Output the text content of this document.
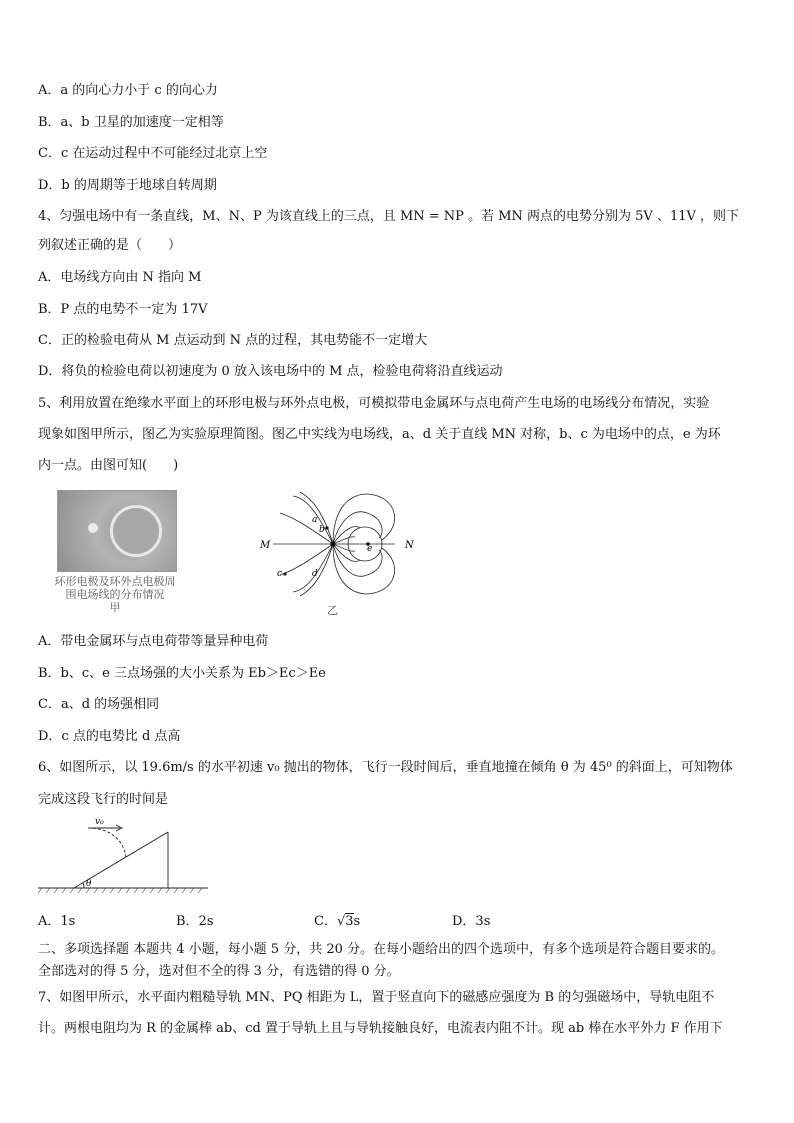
A．a 的向心力小于 c 的向心力
B．a、b 卫星的加速度一定相等
C．c 在运动过程中不可能经过北京上空
D．b 的周期等于地球自转周期
4、匀强电场中有一条直线，M、N、P 为该直线上的三点，且 MN = NP 。若 MN 两点的电势分别为 5V 、11V ，则下
列叙述正确的是（　　）
A．电场线方向由 N 指向 M
B．P 点的电势不一定为 17V
C．正的检验电荷从 M 点运动到 N 点的过程，其电势能不一定增大
D．将负的检验电荷以初速度为 0 放入该电场中的 M 点，检验电荷将沿直线运动
5、利用放置在绝缘水平面上的环形电极与环外点电极，可模拟带电金属环与点电荷产生电场的电场线分布情况，实验
现象如图甲所示，图乙为实验原理简图。图乙中实线为电场线，a、d 关于直线 MN 对称，b、c 为电场中的点，e 为环
内一点。由图可知(　　)
环形电极及环外点电极周围电场线的分布情况
甲
M	N
a
b
c	d
e
乙
A．带电金属环与点电荷带等量异种电荷
B．b、c、e 三点场强的大小关系为 Eb＞Ec＞Ee
C．a、d 的场强相同
D．c 点的电势比 d 点高
6、如图所示，以 19.6m/s 的水平初速 v₀ 抛出的物体，飞行一段时间后，垂直地撞在倾角 θ 为 45⁰ 的斜面上，可知物体
完成这段飞行的时间是
v₀
θ
A．1s	B．2s	C．√3s	D．3s
二、多项选择题 本题共 4 小题，每小题 5 分，共 20 分。在每小题给出的四个选项中，有多个选项是符合题目要求的。
全部选对的得 5 分，选对但不全的得 3 分，有选错的得 0 分。
7、如图甲所示，水平面内粗糙导轨 MN、PQ 相距为 L，置于竖直向下的磁感应强度为 B 的匀强磁场中，导轨电阻不
计。两根电阻均为 R 的金属棒 ab、cd 置于导轨上且与导轨接触良好，电流表内阻不计。现 ab 棒在水平外力 F 作用下
